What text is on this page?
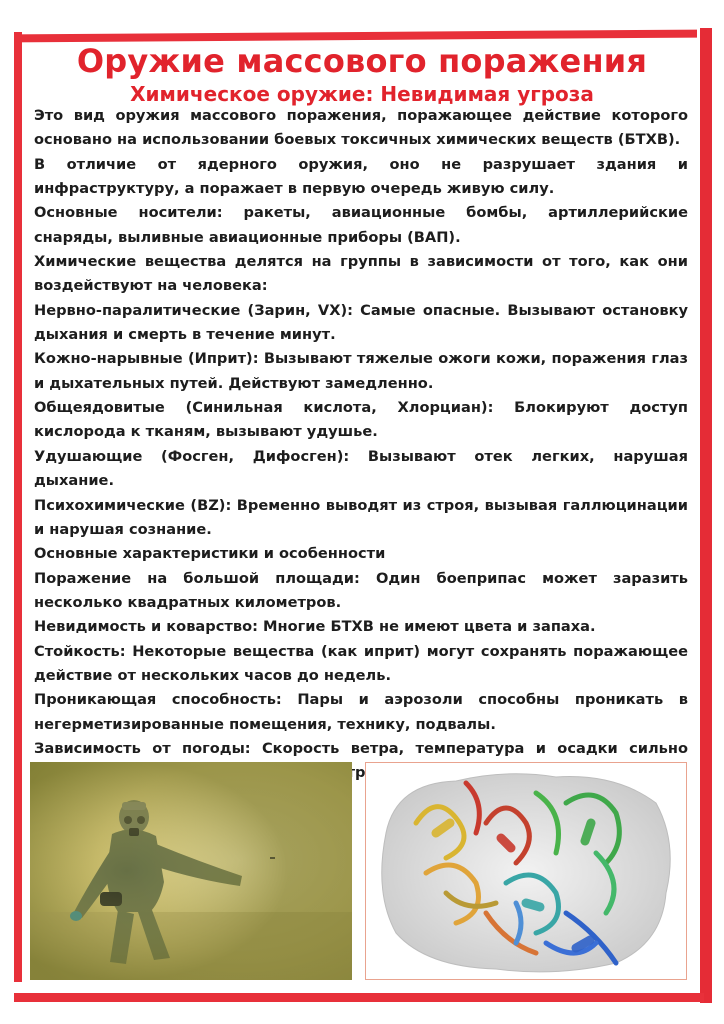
Оружие массового поражения
Химическое оружие: Невидимая угроза

Это вид оружия массового поражения, поражающее действие которого основано на использовании боевых токсичных химических веществ (БТХВ).

В отличие от ядерного оружия, оно не разрушает здания и инфраструктуру, а поражает в первую очередь живую силу.

Основные носители: ракеты, авиационные бомбы, артиллерийские снаряды, выливные авиационные приборы (ВАП).

Химические вещества делятся на группы в зависимости от того, как они воздействуют на человека:

Нервно-паралитические (Зарин, VX): Самые опасные. Вызывают остановку дыхания и смерть в течение минут.

Кожно-нарывные (Иприт): Вызывают тяжелые ожоги кожи, поражения глаз и дыхательных путей. Действуют замедленно.

Общеядовитые (Синильная кислота, Хлорциан): Блокируют доступ кислорода к тканям, вызывают удушье.

Удушающие (Фосген, Дифосген): Вызывают отек легких, нарушая дыхание.

Психохимические (BZ): Временно выводят из строя, вызывая галлюцинации и нарушая сознание.

Основные характеристики и особенности

Поражение на большой площади: Один боеприпас может заразить несколько квадратных километров.

Невидимость и коварство: Многие БТХВ не имеют цвета и запаха.

Стойкость: Некоторые вещества (как иприт) могут сохранять поражающее действие от нескольких часов до недель.

Проникающая способность: Пары и аэрозоли способны проникать в негерметизированные помещения, технику, подвалы.

Зависимость от погоды: Скорость ветра, температура и осадки сильно
